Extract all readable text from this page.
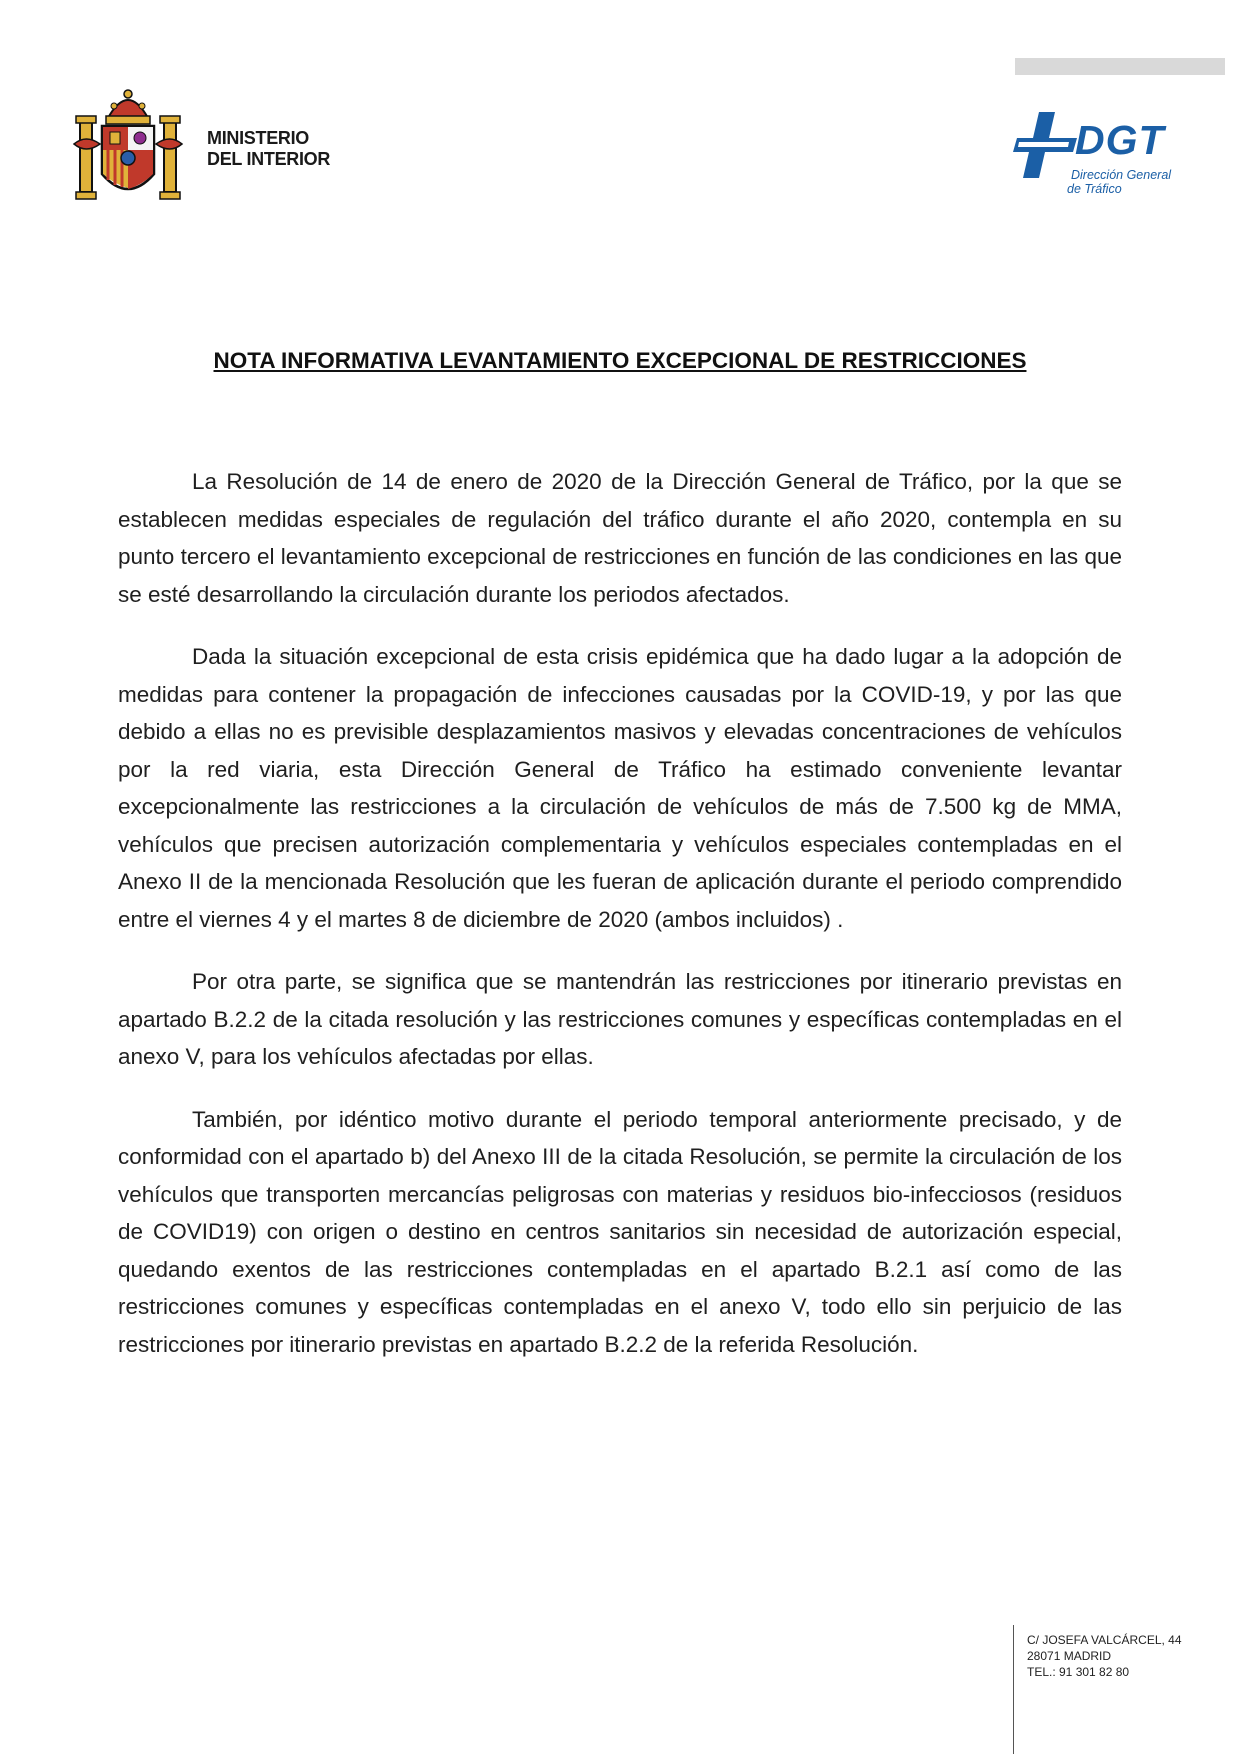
MINISTERIO
DEL INTERIOR	DGT
Dirección General
de Tráfico
NOTA INFORMATIVA LEVANTAMIENTO EXCEPCIONAL DE RESTRICCIONES

La Resolución de 14 de enero de 2020 de la Dirección General de Tráfico, por la que se establecen medidas especiales de regulación del tráfico durante el año 2020, contempla en su punto tercero el levantamiento excepcional de restricciones en función de las condiciones en las que se esté desarrollando la circulación durante los periodos afectados.

Dada la situación excepcional de esta crisis epidémica que ha dado lugar a la adopción de medidas para contener la propagación de infecciones causadas por la COVID-19, y por las que debido a ellas no es previsible desplazamientos masivos y elevadas concentraciones de vehículos por la red viaria, esta Dirección General de Tráfico ha estimado conveniente levantar excepcionalmente las restricciones a la circulación de vehículos de más de 7.500 kg de MMA, vehículos que precisen autorización complementaria y vehículos especiales contempladas en el Anexo II de la mencionada Resolución que les fueran de aplicación durante el periodo comprendido entre el viernes 4 y el martes 8 de diciembre de 2020 (ambos incluidos) .

Por otra parte, se significa que se mantendrán las restricciones por itinerario previstas en apartado B.2.2 de la citada resolución y las restricciones comunes y específicas contempladas en el anexo V, para los vehículos afectadas por ellas.

También, por idéntico motivo durante el periodo temporal anteriormente precisado, y de conformidad con el apartado b) del Anexo III de la citada Resolución, se permite la circulación de los vehículos que transporten mercancías peligrosas con materias y residuos bio-infecciosos (residuos de COVID19) con origen o destino en centros sanitarios sin necesidad de autorización especial, quedando exentos de las restricciones contempladas en el apartado B.2.1 así como de las restricciones comunes y específicas contempladas en el anexo V, todo ello sin perjuicio de las restricciones por itinerario previstas en apartado B.2.2 de la referida Resolución.

C/ JOSEFA VALCÁRCEL, 44
28071 MADRID
TEL.: 91 301 82 80
